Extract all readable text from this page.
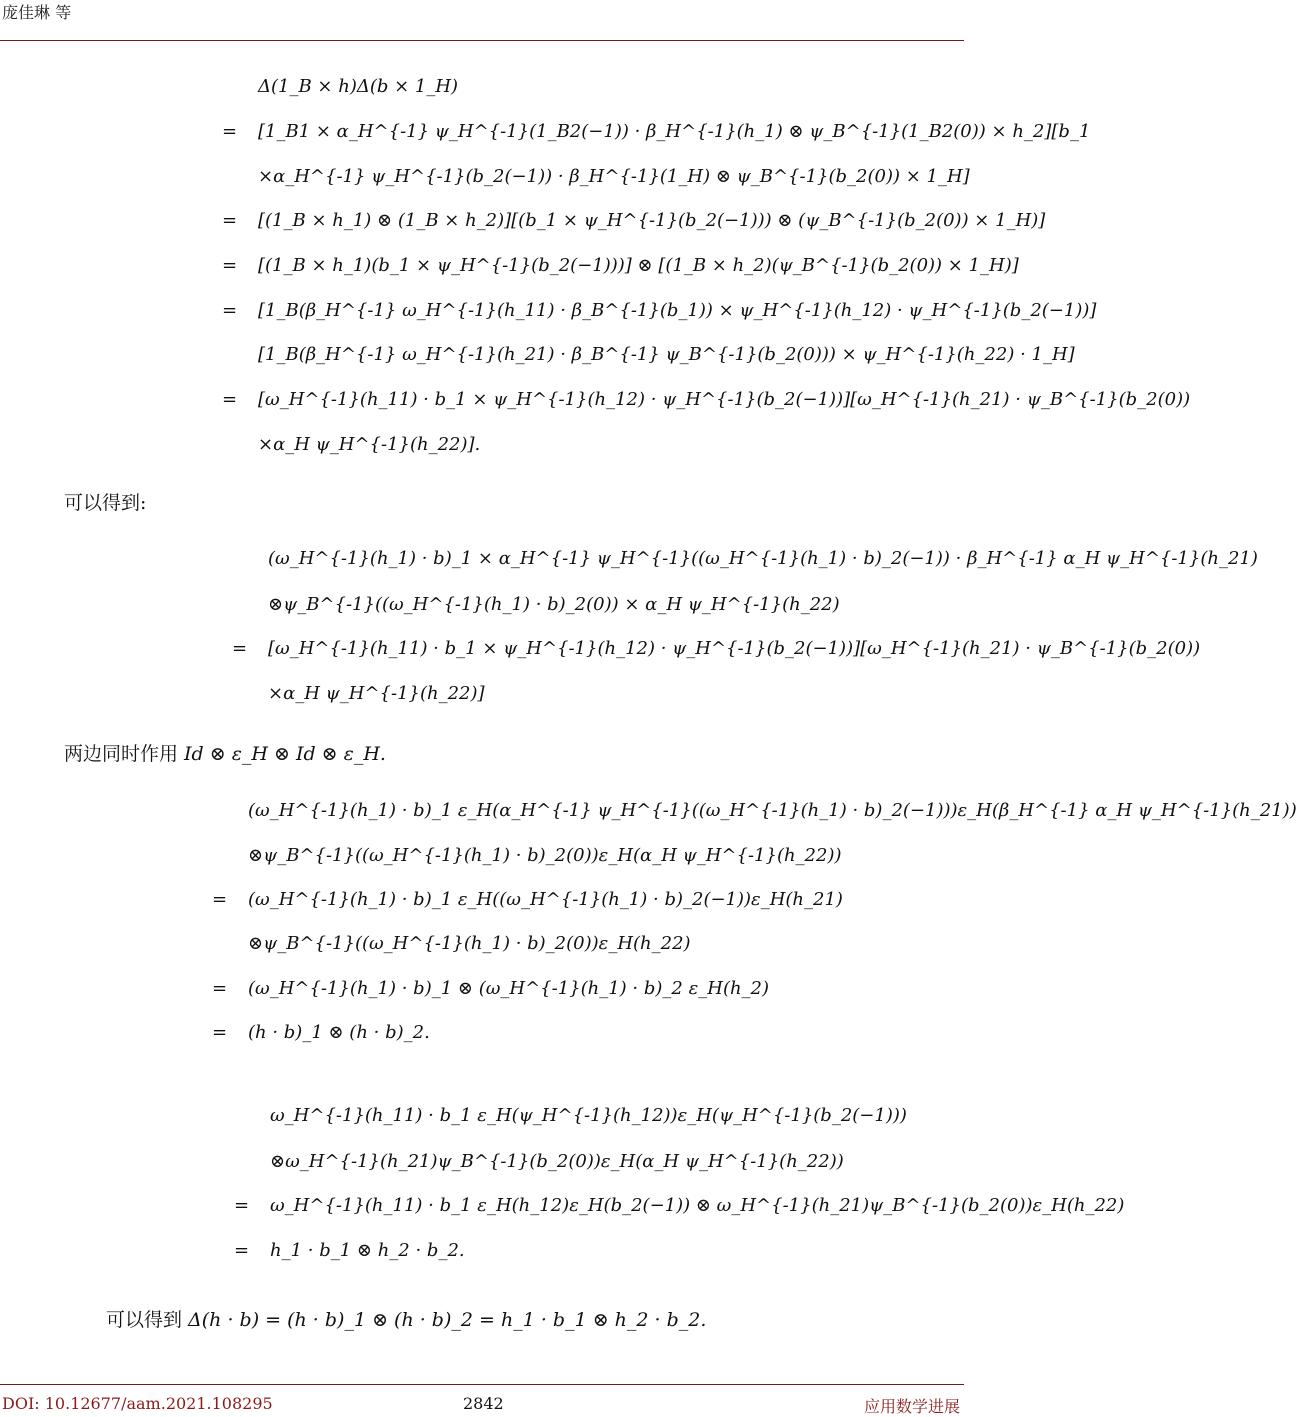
庞佳琳 等
Δ(1_B × h)Δ(b × 1_H)
= [1_B1 × α_H^{-1} ψ_H^{-1}(1_B2(−1)) · β_H^{-1}(h_1) ⊗ ψ_B^{-1}(1_B2(0)) × h_2][b_1
×α_H^{-1} ψ_H^{-1}(b_2(−1)) · β_H^{-1}(1_H) ⊗ ψ_B^{-1}(b_2(0)) × 1_H]
= [(1_B × h_1) ⊗ (1_B × h_2)][(b_1 × ψ_H^{-1}(b_2(−1))) ⊗ (ψ_B^{-1}(b_2(0)) × 1_H)]
= [(1_B × h_1)(b_1 × ψ_H^{-1}(b_2(−1)))] ⊗ [(1_B × h_2)(ψ_B^{-1}(b_2(0)) × 1_H)]
= [1_B(β_H^{-1} ω_H^{-1}(h_11) · β_B^{-1}(b_1)) × ψ_H^{-1}(h_12) · ψ_H^{-1}(b_2(−1))]
[1_B(β_H^{-1} ω_H^{-1}(h_21) · β_B^{-1} ψ_B^{-1}(b_2(0))) × ψ_H^{-1}(h_22) · 1_H]
= [ω_H^{-1}(h_11) · b_1 × ψ_H^{-1}(h_12) · ψ_H^{-1}(b_2(−1))][ω_H^{-1}(h_21) · ψ_B^{-1}(b_2(0))
×α_H ψ_H^{-1}(h_22)].
可以得到:
(ω_H^{-1}(h_1) · b)_1 × α_H^{-1} ψ_H^{-1}((ω_H^{-1}(h_1) · b)_2(−1)) · β_H^{-1} α_H ψ_H^{-1}(h_21)
⊗ψ_B^{-1}((ω_H^{-1}(h_1) · b)_2(0)) × α_H ψ_H^{-1}(h_22)
= [ω_H^{-1}(h_11) · b_1 × ψ_H^{-1}(h_12) · ψ_H^{-1}(b_2(−1))][ω_H^{-1}(h_21) · ψ_B^{-1}(b_2(0))
×α_H ψ_H^{-1}(h_22)]
两边同时作用 Id ⊗ ε_H ⊗ Id ⊗ ε_H.
(ω_H^{-1}(h_1) · b)_1 ε_H(α_H^{-1} ψ_H^{-1}((ω_H^{-1}(h_1) · b)_2(−1)))ε_H(β_H^{-1} α_H ψ_H^{-1}(h_21))
⊗ψ_B^{-1}((ω_H^{-1}(h_1) · b)_2(0))ε_H(α_H ψ_H^{-1}(h_22))
= (ω_H^{-1}(h_1) · b)_1 ε_H((ω_H^{-1}(h_1) · b)_2(−1))ε_H(h_21)
⊗ψ_B^{-1}((ω_H^{-1}(h_1) · b)_2(0))ε_H(h_22)
= (ω_H^{-1}(h_1) · b)_1 ⊗ (ω_H^{-1}(h_1) · b)_2 ε_H(h_2)
= (h · b)_1 ⊗ (h · b)_2.
ω_H^{-1}(h_11) · b_1 ε_H(ψ_H^{-1}(h_12))ε_H(ψ_H^{-1}(b_2(−1)))
⊗ω_H^{-1}(h_21)ψ_B^{-1}(b_2(0))ε_H(α_H ψ_H^{-1}(h_22))
= ω_H^{-1}(h_11) · b_1 ε_H(h_12)ε_H(b_2(−1)) ⊗ ω_H^{-1}(h_21)ψ_B^{-1}(b_2(0))ε_H(h_22)
= h_1 · b_1 ⊗ h_2 · b_2.
可以得到 Δ(h · b) = (h · b)_1 ⊗ (h · b)_2 = h_1 · b_1 ⊗ h_2 · b_2.
DOI: 10.12677/aam.2021.108295	2842	应用数学进展
